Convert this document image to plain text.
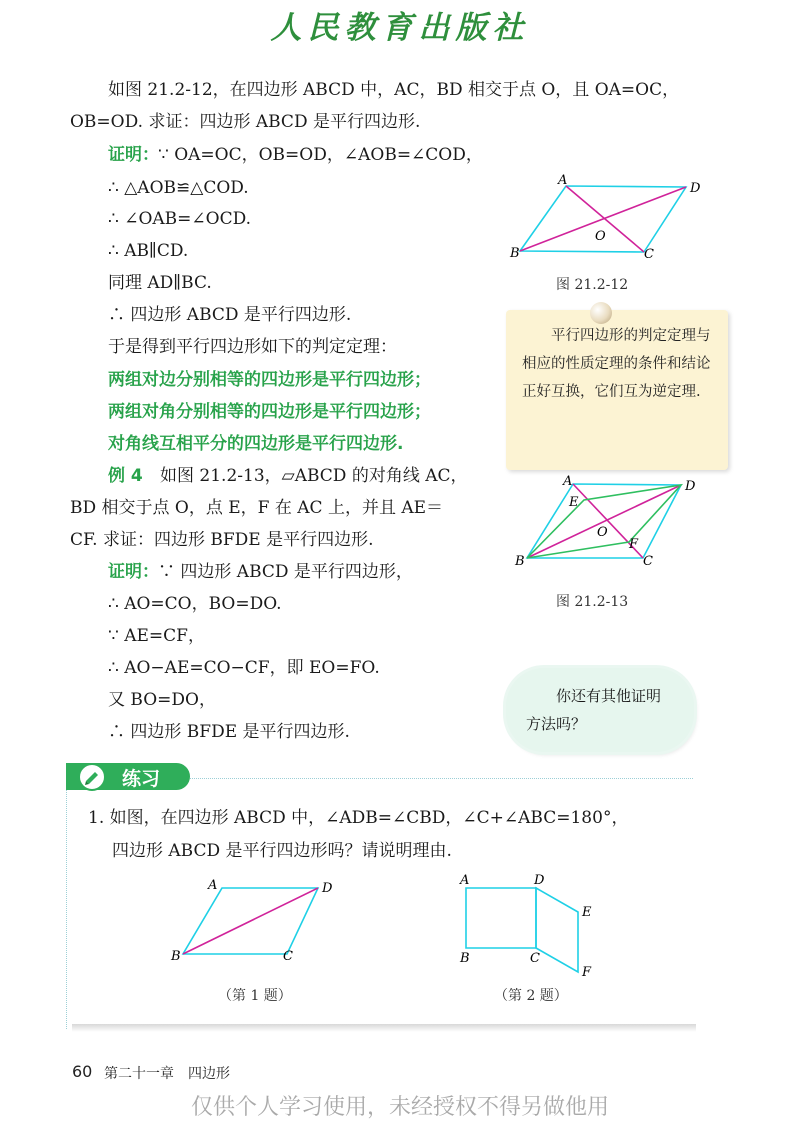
人民教育出版社
如图 21.2-12，在四边形 ABCD 中，AC，BD 相交于点 O，且 OA=OC，
OB=OD. 求证：四边形 ABCD 是平行四边形.
证明： ∵ OA=OC，OB=OD，∠AOB=∠COD，
∴ △AOB≌△COD.
∴ ∠OAB=∠OCD.
∴ AB∥CD.
同理 AD∥BC.
∴ 四边形 ABCD 是平行四边形.
于是得到平行四边形如下的判定定理：
两组对边分别相等的四边形是平行四边形；
两组对角分别相等的四边形是平行四边形；
对角线互相平分的四边形是平行四边形.
例 4 如图 21.2-13，▱ABCD 的对角线 AC，
BD 相交于点 O，点 E，F 在 AC 上，并且 AE＝
CF. 求证：四边形 BFDE 是平行四边形.
证明： ∵ 四边形 ABCD 是平行四边形，
∴ AO=CO，BO=DO.
∵ AE=CF，
∴ AO−AE=CO−CF，即 EO=FO.
又 BO=DO，
∴ 四边形 BFDE 是平行四边形.
A
D
O
B	C
图 21.2-12
平行四边形的判定定理与相应的性质定理的条件和结论正好互换，它们互为逆定理.
A	D
E
O
F
B	C
图 21.2-13
你还有其他证明方法吗？
练习
1. 如图，在四边形 ABCD 中，∠ADB=∠CBD，∠C+∠ABC=180°，
四边形 ABCD 是平行四边形吗？请说明理由.
A	D
B	C
（第 1 题）
A	D
E
B	C
F
（第 2 题）
60 第二十一章　四边形
仅供个人学习使用，未经授权不得另做他用
